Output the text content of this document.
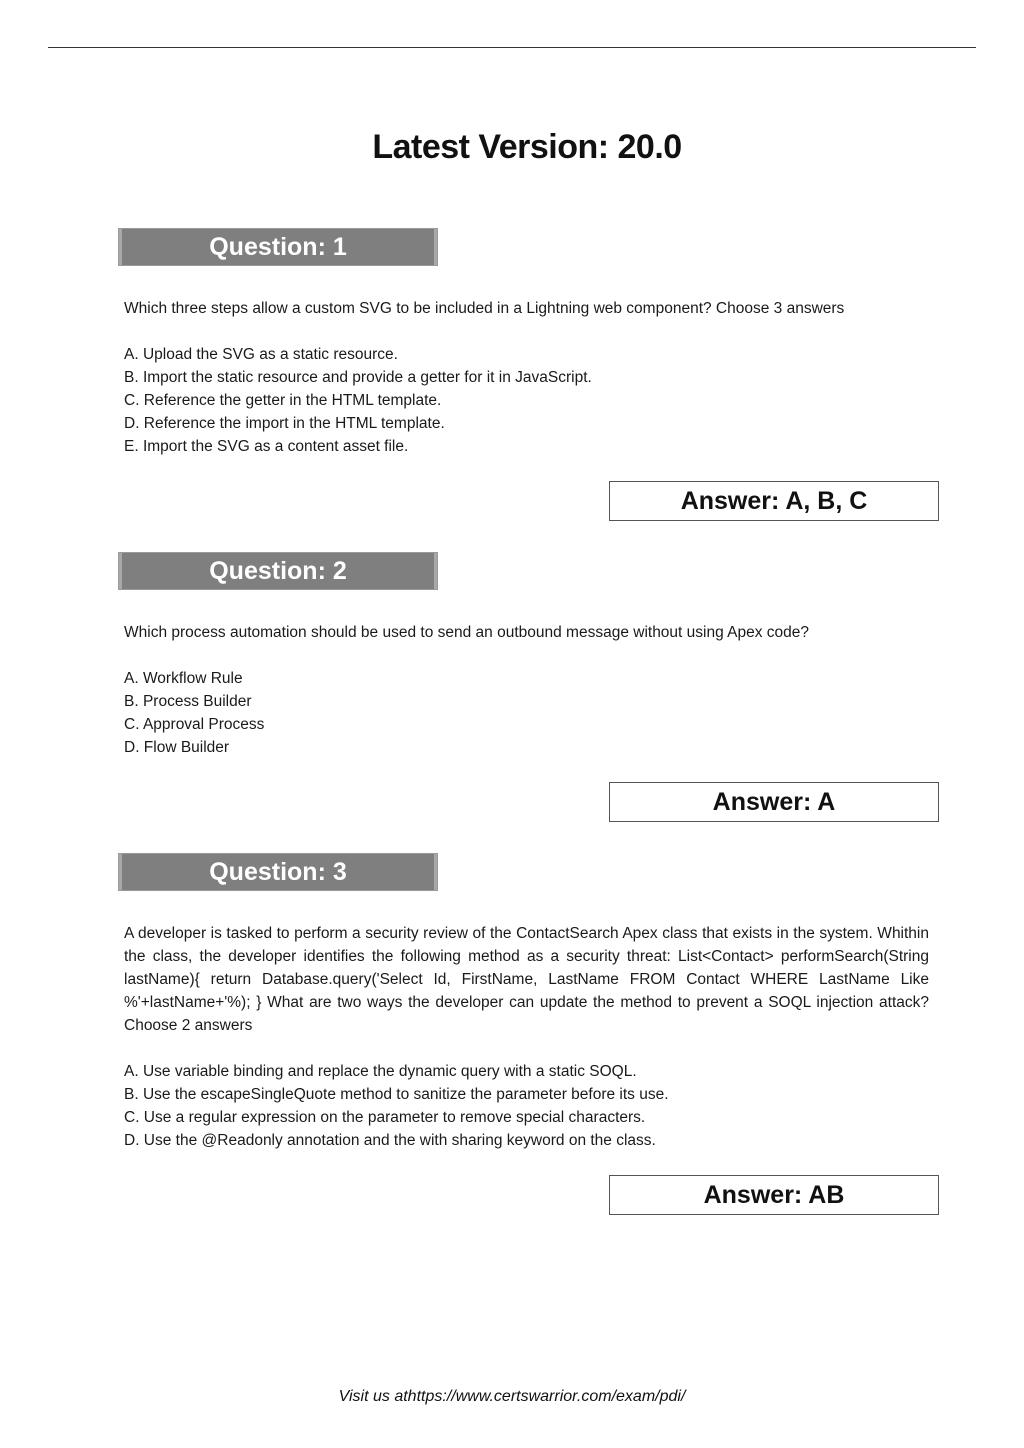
Latest Version: 20.0
Question: 1
Which three steps allow a custom SVG to be included in a Lightning web component? Choose 3 answers
A. Upload the SVG as a static resource.
B. Import the static resource and provide a getter for it in JavaScript.
C. Reference the getter in the HTML template.
D. Reference the import in the HTML template.
E. Import the SVG as a content asset file.
Answer: A, B, C
Question: 2
Which process automation should be used to send an outbound message without using Apex code?
A. Workflow Rule
B. Process Builder
C. Approval Process
D. Flow Builder
Answer: A
Question: 3
A developer is tasked to perform a security review of the ContactSearch Apex class that exists in the system. Whithin the class, the developer identifies the following method as a security threat: List<Contact> performSearch(String lastName){ return Database.query('Select Id, FirstName, LastName FROM Contact WHERE LastName Like %'+lastName+'%); } What are two ways the developer can update the method to prevent a SOQL injection attack? Choose 2 answers
A. Use variable binding and replace the dynamic query with a static SOQL.
B. Use the escapeSingleQuote method to sanitize the parameter before its use.
C. Use a regular expression on the parameter to remove special characters.
D. Use the @Readonly annotation and the with sharing keyword on the class.
Answer: AB
Visit us athttps://www.certswarrior.com/exam/pdi/
